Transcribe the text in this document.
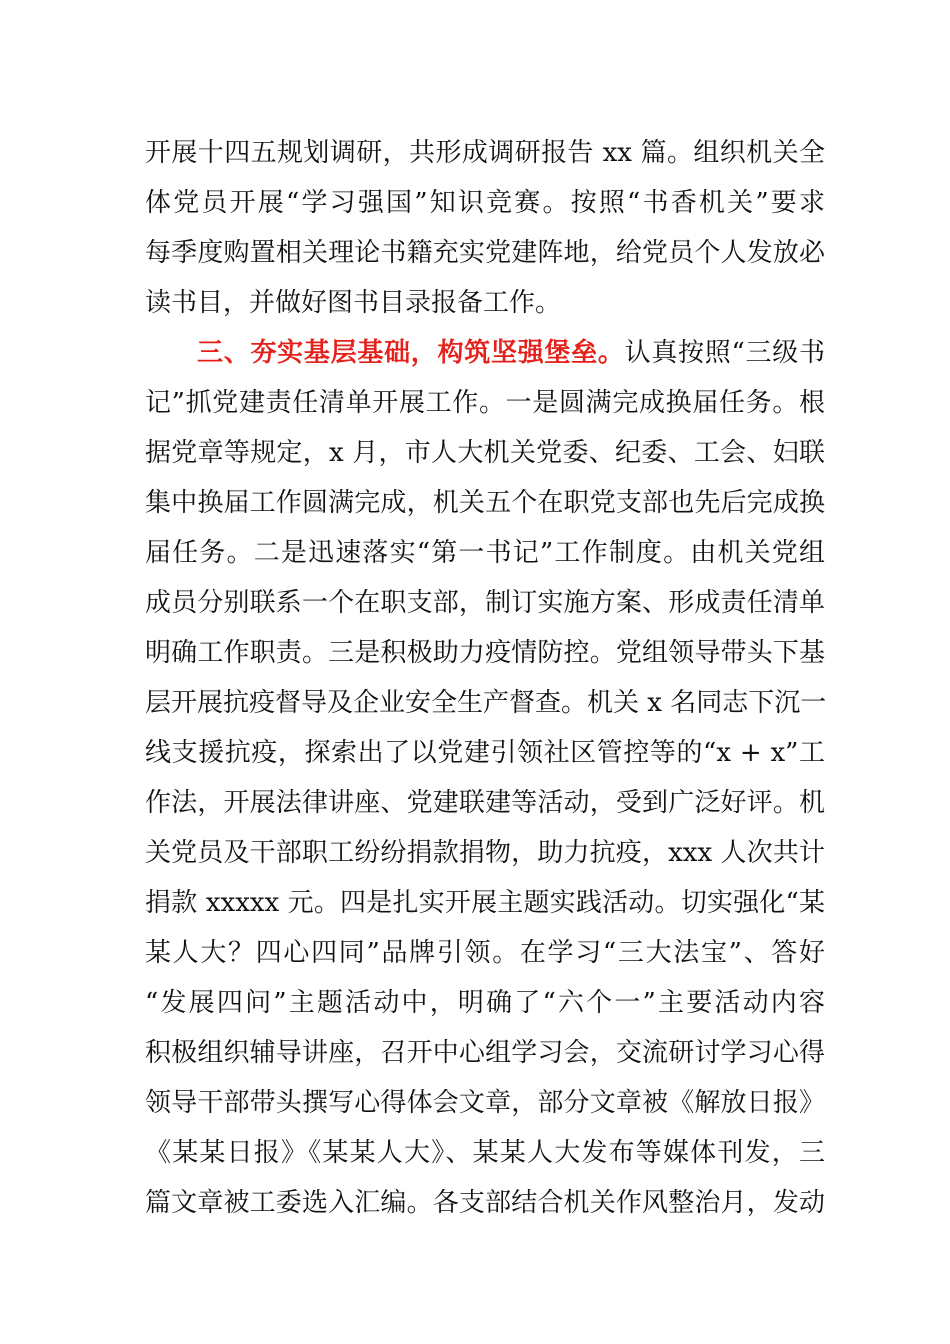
开展十四五规划调研，共形成调研报告 xx 篇。组织机关全
体党员开展“学习强国”知识竞赛。按照“书香机关”要求
每季度购置相关理论书籍充实党建阵地，给党员个人发放必
读书目，并做好图书目录报备工作。
三、夯实基层基础，构筑坚强堡垒。认真按照“三级书
记”抓党建责任清单开展工作。一是圆满完成换届任务。根
据党章等规定，x 月，市人大机关党委、纪委、工会、妇联
集中换届工作圆满完成，机关五个在职党支部也先后完成换
届任务。二是迅速落实“第一书记”工作制度。由机关党组
成员分别联系一个在职支部，制订实施方案、形成责任清单
明确工作职责。三是积极助力疫情防控。党组领导带头下基
层开展抗疫督导及企业安全生产督查。机关 x 名同志下沉一
线支援抗疫，探索出了以党建引领社区管控等的“x + x”工
作法，开展法律讲座、党建联建等活动，受到广泛好评。机
关党员及干部职工纷纷捐款捐物，助力抗疫，xxx 人次共计
捐款 xxxxx 元。四是扎实开展主题实践活动。切实强化“某
某人大？四心四同”品牌引领。在学习“三大法宝”、答好
“发展四问”主题活动中，明确了“六个一”主要活动内容
积极组织辅导讲座，召开中心组学习会，交流研讨学习心得
领导干部带头撰写心得体会文章，部分文章被《解放日报》
《某某日报》《某某人大》、某某人大发布等媒体刊发，三
篇文章被工委选入汇编。各支部结合机关作风整治月，发动
